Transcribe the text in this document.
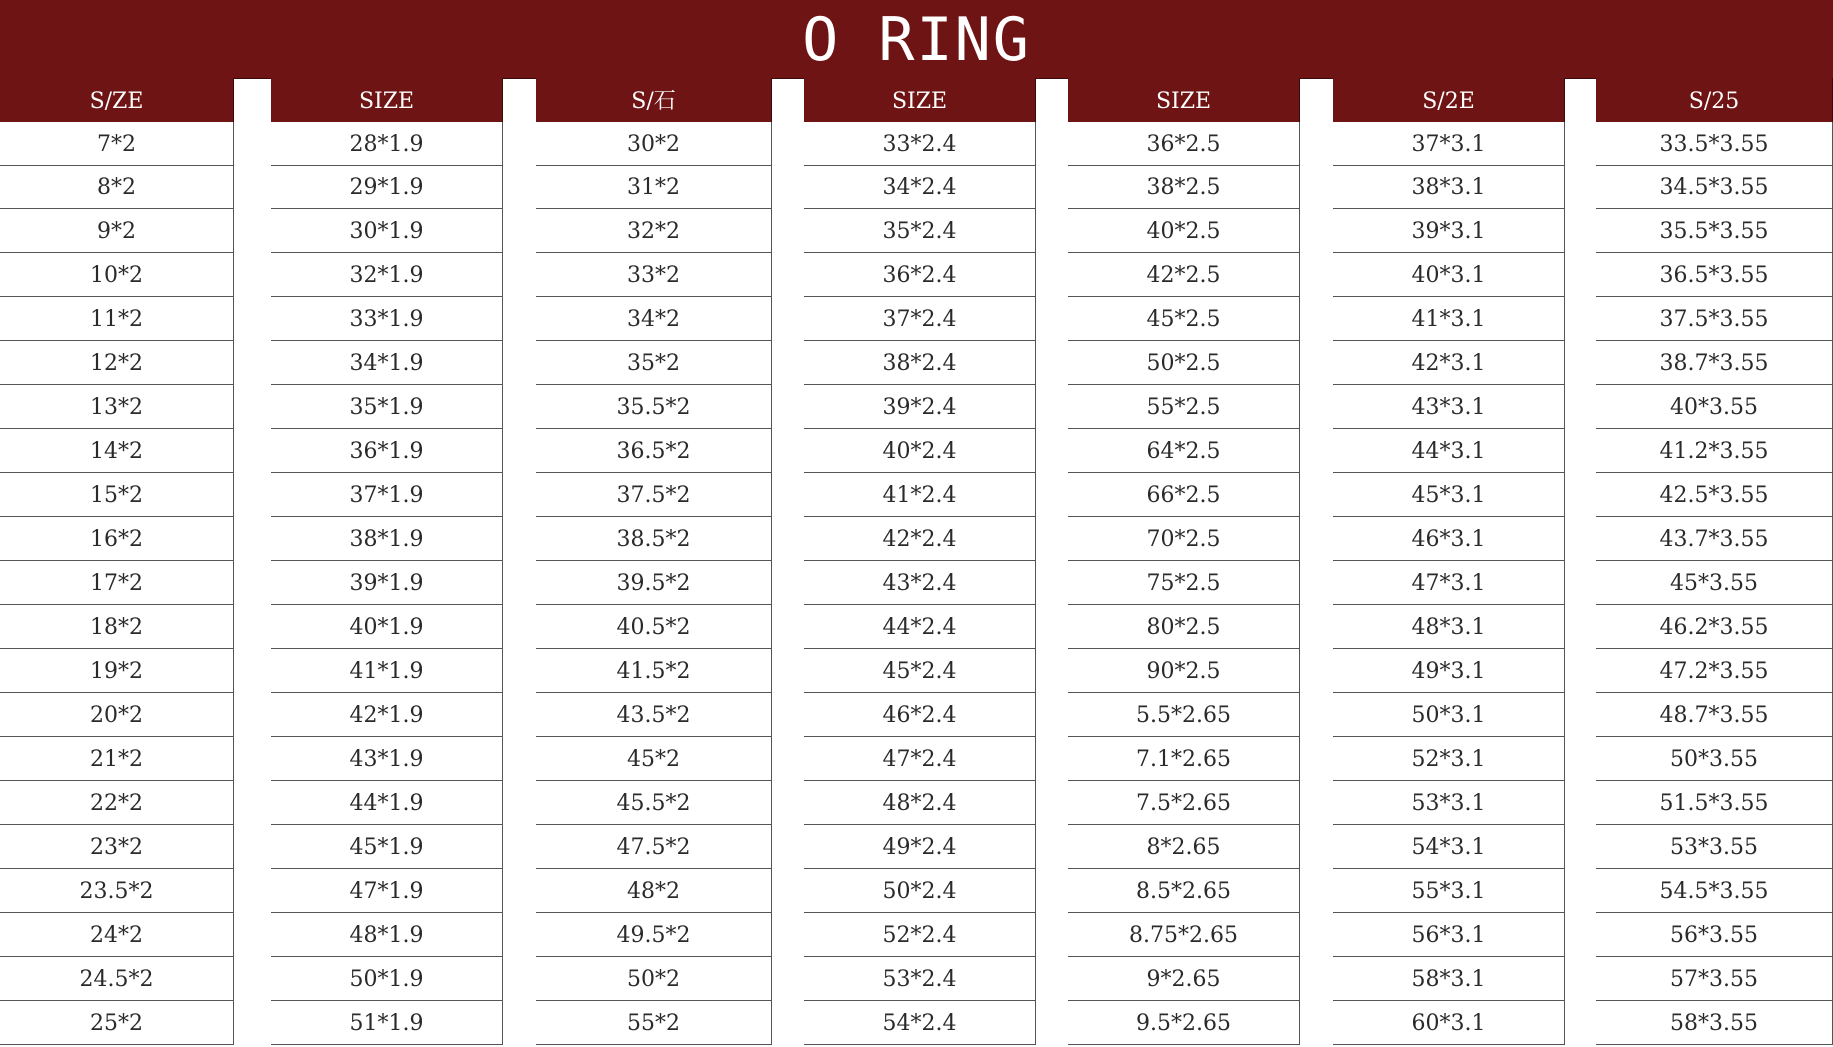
O RING
S/ZE
7*2
8*2
9*2
10*2
11*2
12*2
13*2
14*2
15*2
16*2
17*2
18*2
19*2
20*2
21*2
22*2
23*2
23.5*2
24*2
24.5*2
25*2
SIZE
28*1.9
29*1.9
30*1.9
32*1.9
33*1.9
34*1.9
35*1.9
36*1.9
37*1.9
38*1.9
39*1.9
40*1.9
41*1.9
42*1.9
43*1.9
44*1.9
45*1.9
47*1.9
48*1.9
50*1.9
51*1.9
S/石
30*2
31*2
32*2
33*2
34*2
35*2
35.5*2
36.5*2
37.5*2
38.5*2
39.5*2
40.5*2
41.5*2
43.5*2
45*2
45.5*2
47.5*2
48*2
49.5*2
50*2
55*2
SIZE
33*2.4
34*2.4
35*2.4
36*2.4
37*2.4
38*2.4
39*2.4
40*2.4
41*2.4
42*2.4
43*2.4
44*2.4
45*2.4
46*2.4
47*2.4
48*2.4
49*2.4
50*2.4
52*2.4
53*2.4
54*2.4
SIZE
36*2.5
38*2.5
40*2.5
42*2.5
45*2.5
50*2.5
55*2.5
64*2.5
66*2.5
70*2.5
75*2.5
80*2.5
90*2.5
5.5*2.65
7.1*2.65
7.5*2.65
8*2.65
8.5*2.65
8.75*2.65
9*2.65
9.5*2.65
S/2E
37*3.1
38*3.1
39*3.1
40*3.1
41*3.1
42*3.1
43*3.1
44*3.1
45*3.1
46*3.1
47*3.1
48*3.1
49*3.1
50*3.1
52*3.1
53*3.1
54*3.1
55*3.1
56*3.1
58*3.1
60*3.1
S/25
33.5*3.55
34.5*3.55
35.5*3.55
36.5*3.55
37.5*3.55
38.7*3.55
40*3.55
41.2*3.55
42.5*3.55
43.7*3.55
45*3.55
46.2*3.55
47.2*3.55
48.7*3.55
50*3.55
51.5*3.55
53*3.55
54.5*3.55
56*3.55
57*3.55
58*3.55
